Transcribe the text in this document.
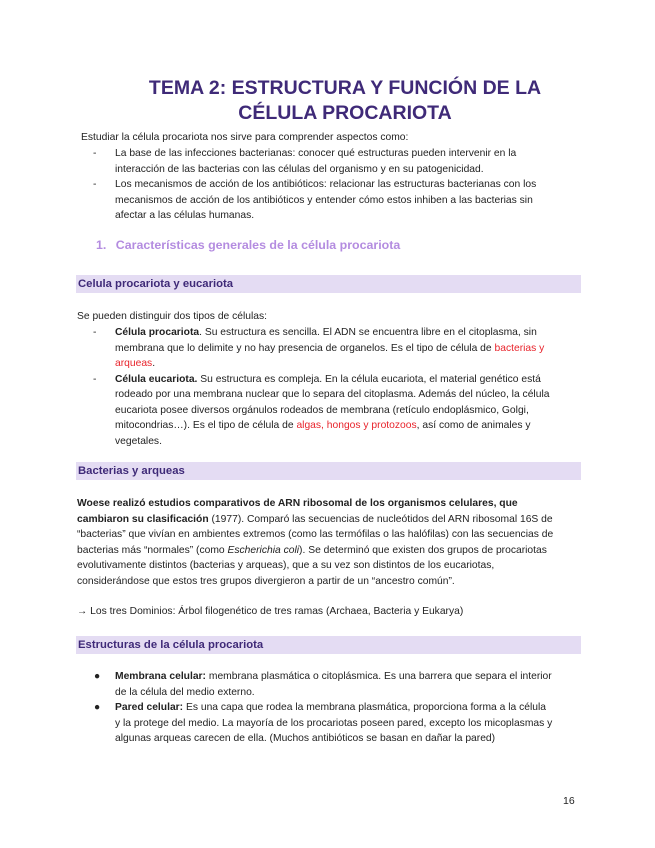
TEMA 2: ESTRUCTURA Y FUNCIÓN DE LA
CÉLULA PROCARIOTA
Estudiar la célula procariota nos sirve para comprender aspectos como:
- La base de las infecciones bacterianas: conocer qué estructuras pueden intervenir en la
interacción de las bacterias con las células del organismo y en su patogenicidad.
- Los mecanismos de acción de los antibióticos: relacionar las estructuras bacterianas con los
mecanismos de acción de los antibióticos y entender cómo estos inhiben a las bacterias sin
afectar a las células humanas.
1. Características generales de la célula procariota
Celula procariota y eucariota
Se pueden distinguir dos tipos de células:
- Célula procariota. Su estructura es sencilla. El ADN se encuentra libre en el citoplasma, sin
membrana que lo delimite y no hay presencia de organelos. Es el tipo de célula de bacterias y
arqueas.
- Célula eucariota. Su estructura es compleja. En la célula eucariota, el material genético está
rodeado por una membrana nuclear que lo separa del citoplasma. Además del núcleo, la célula
eucariota posee diversos orgánulos rodeados de membrana (retículo endoplásmico, Golgi,
mitocondrias…). Es el tipo de célula de algas, hongos y protozoos, así como de animales y
vegetales.
Bacterias y arqueas
Woese realizó estudios comparativos de ARN ribosomal de los organismos celulares, que
cambiaron su clasificación (1977). Comparó las secuencias de nucleótidos del ARN ribosomal 16S de
“bacterias” que vivían en ambientes extremos (como las termófilas o las halófilas) con las secuencias de
bacterias más “normales” (como Escherichia coli). Se determinó que existen dos grupos de procariotas
evolutivamente distintos (bacterias y arqueas), que a su vez son distintos de los eucariotas,
considerándose que estos tres grupos divergieron a partir de un “ancestro común”.
→ Los tres Dominios: Árbol filogenético de tres ramas (Archaea, Bacteria y Eukarya)
Estructuras de la célula procariota
● Membrana celular: membrana plasmática o citoplásmica. Es una barrera que separa el interior
de la célula del medio externo.
● Pared celular: Es una capa que rodea la membrana plasmática, proporciona forma a la célula
y la protege del medio. La mayoría de los procariotas poseen pared, excepto los micoplasmas y
algunas arqueas carecen de ella. (Muchos antibióticos se basan en dañar la pared)
16
